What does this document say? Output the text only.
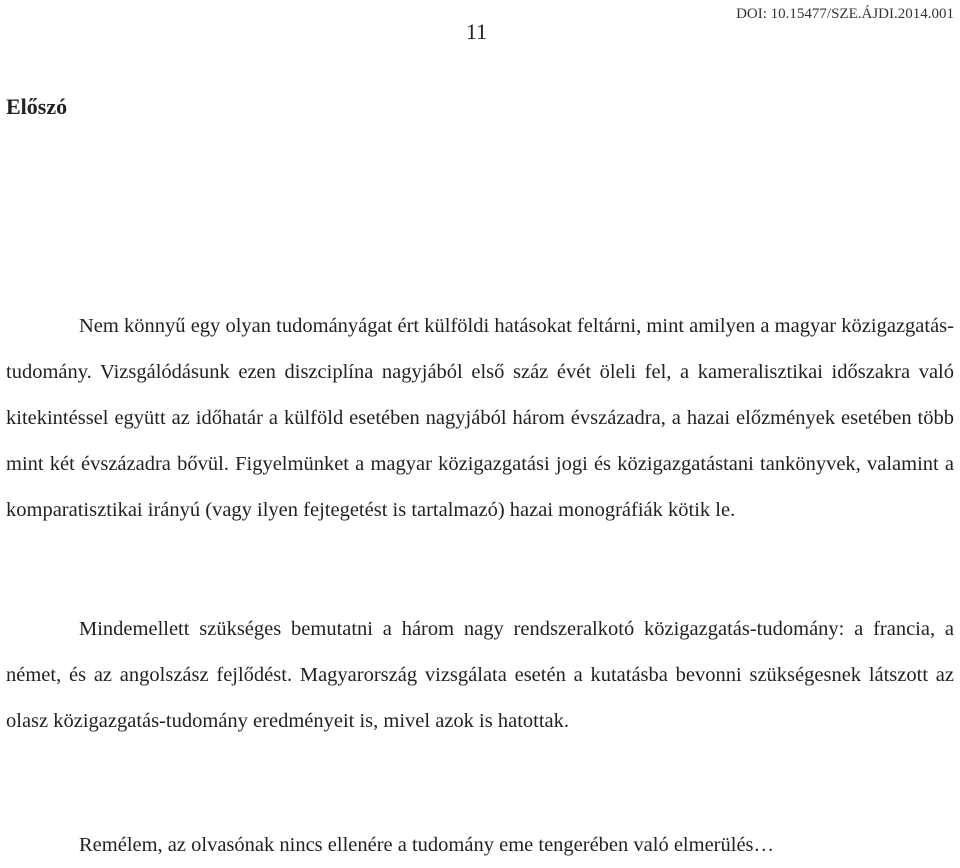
11
DOI: 10.15477/SZE.ÁJDI.2014.001
Előszó

Nem könnyű egy olyan tudományágat ért külföldi hatásokat feltárni, mint amilyen a magyar közigazgatás-tudomány. Vizsgálódásunk ezen diszciplína nagyjából első száz évét öleli fel, a kameralisztikai időszakra való kitekintéssel együtt az időhatár a külföld esetében nagyjából három évszázadra, a hazai előzmények esetében több mint két évszázadra bővül. Figyelmünket a magyar közigazgatási jogi és közigazgatástani tankönyvek, valamint a komparatisztikai irányú (vagy ilyen fejtegetést is tartalmazó) hazai monográfiák kötik le.

Mindemellett szükséges bemutatni a három nagy rendszeralkotó közigazgatás-tudomány: a francia, a német, és az angolszász fejlődést. Magyarország vizsgálata esetén a kutatásba bevonni szükségesnek látszott az olasz közigazgatás-tudomány eredményeit is, mivel azok is hatottak.

Remélem, az olvasónak nincs ellenére a tudomány eme tengerében való elmerülés…
